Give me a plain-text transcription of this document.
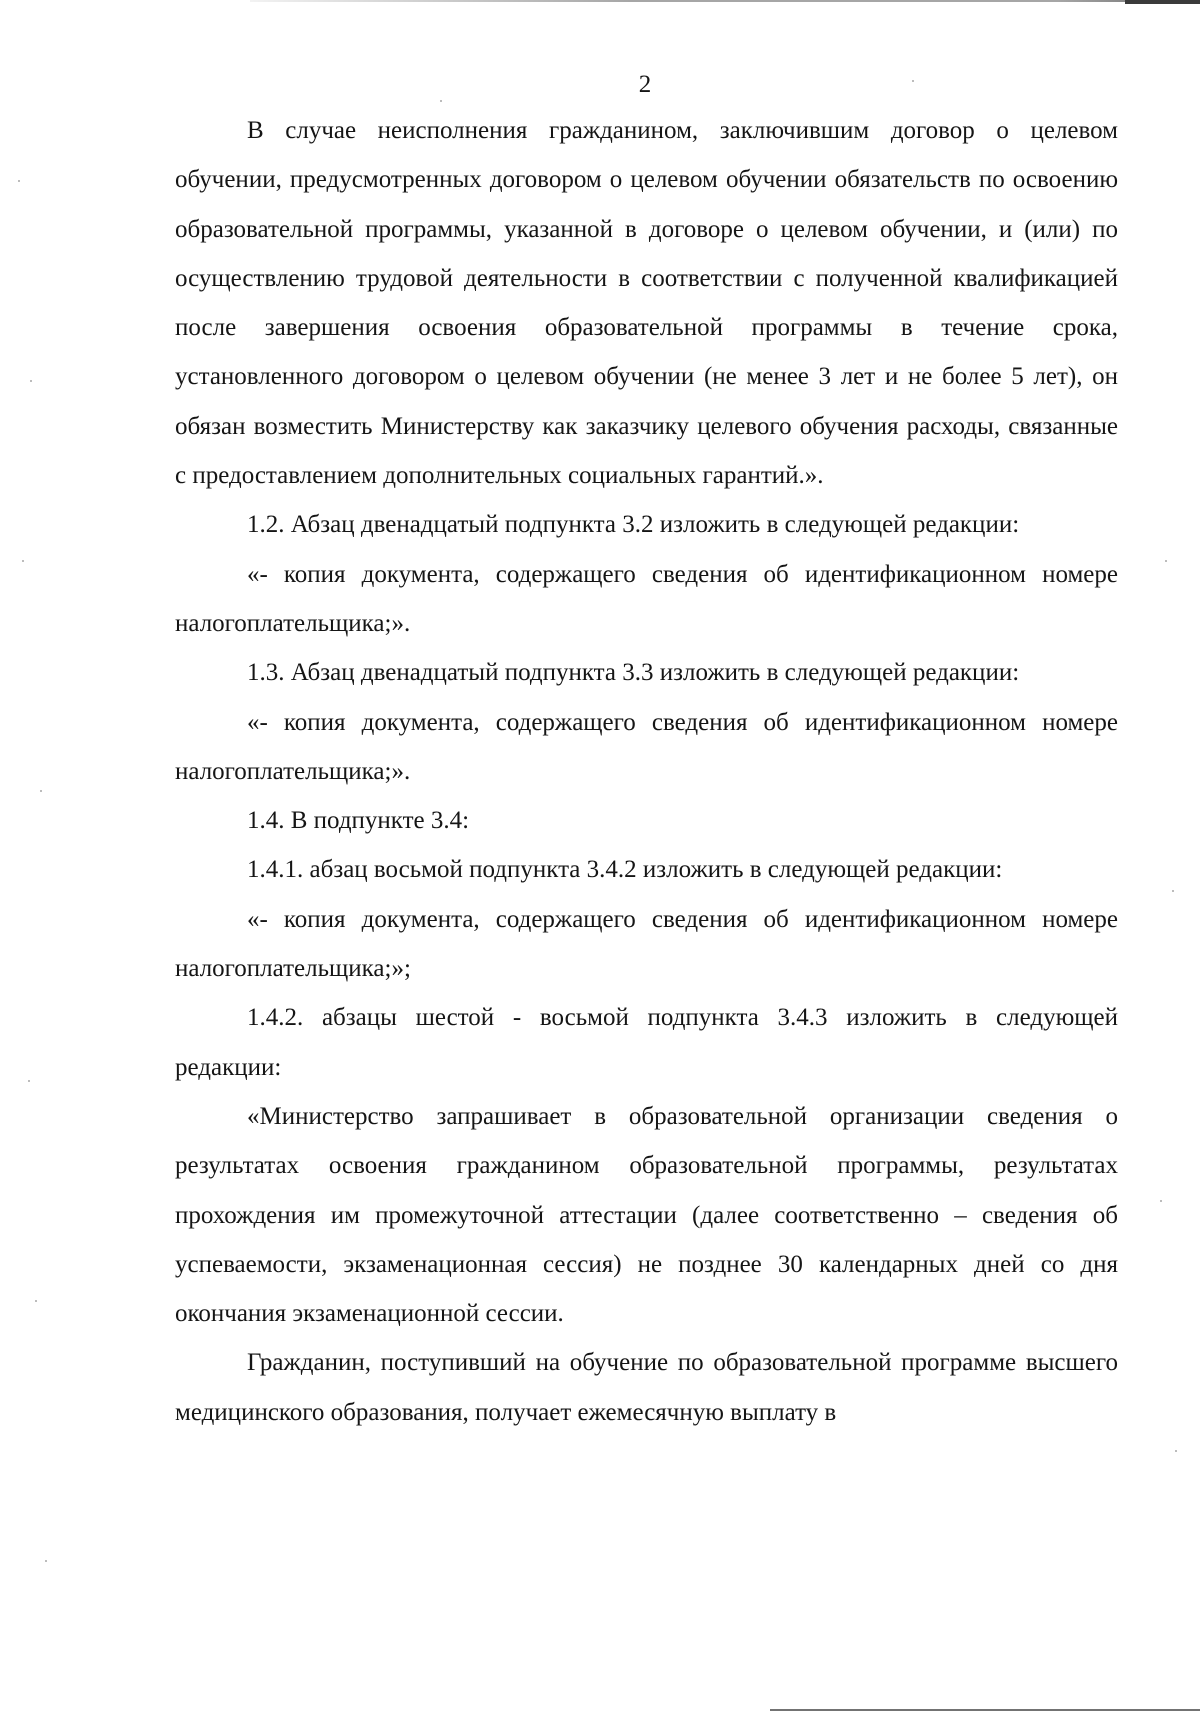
2

В случае неисполнения гражданином, заключившим договор о целевом обучении, предусмотренных договором о целевом обучении обязательств по освоению образовательной программы, указанной в договоре о целевом обучении, и (или) по осуществлению трудовой деятельности в соответствии с полученной квалификацией после завершения освоения образовательной программы в течение срока, установленного договором о целевом обучении (не менее 3 лет и не более 5 лет), он обязан возместить Министерству как заказчику целевого обучения расходы, связанные с предоставлением дополнительных социальных гарантий.».

1.2. Абзац двенадцатый подпункта 3.2 изложить в следующей редакции:

«- копия документа, содержащего сведения об идентификационном номере налогоплательщика;».

1.3. Абзац двенадцатый подпункта 3.3 изложить в следующей редакции:

«- копия документа, содержащего сведения об идентификационном номере налогоплательщика;».

1.4. В подпункте 3.4:

1.4.1. абзац восьмой подпункта 3.4.2 изложить в следующей редакции:

«- копия документа, содержащего сведения об идентификационном номере налогоплательщика;»;

1.4.2. абзацы шестой - восьмой подпункта 3.4.3 изложить в следующей редакции:

«Министерство запрашивает в образовательной организации сведения о результатах освоения гражданином образовательной программы, результатах прохождения им промежуточной аттестации (далее соответственно – сведения об успеваемости, экзаменационная сессия) не позднее 30 календарных дней со дня окончания экзаменационной сессии.

Гражданин, поступивший на обучение по образовательной программе высшего медицинского образования, получает ежемесячную выплату в
